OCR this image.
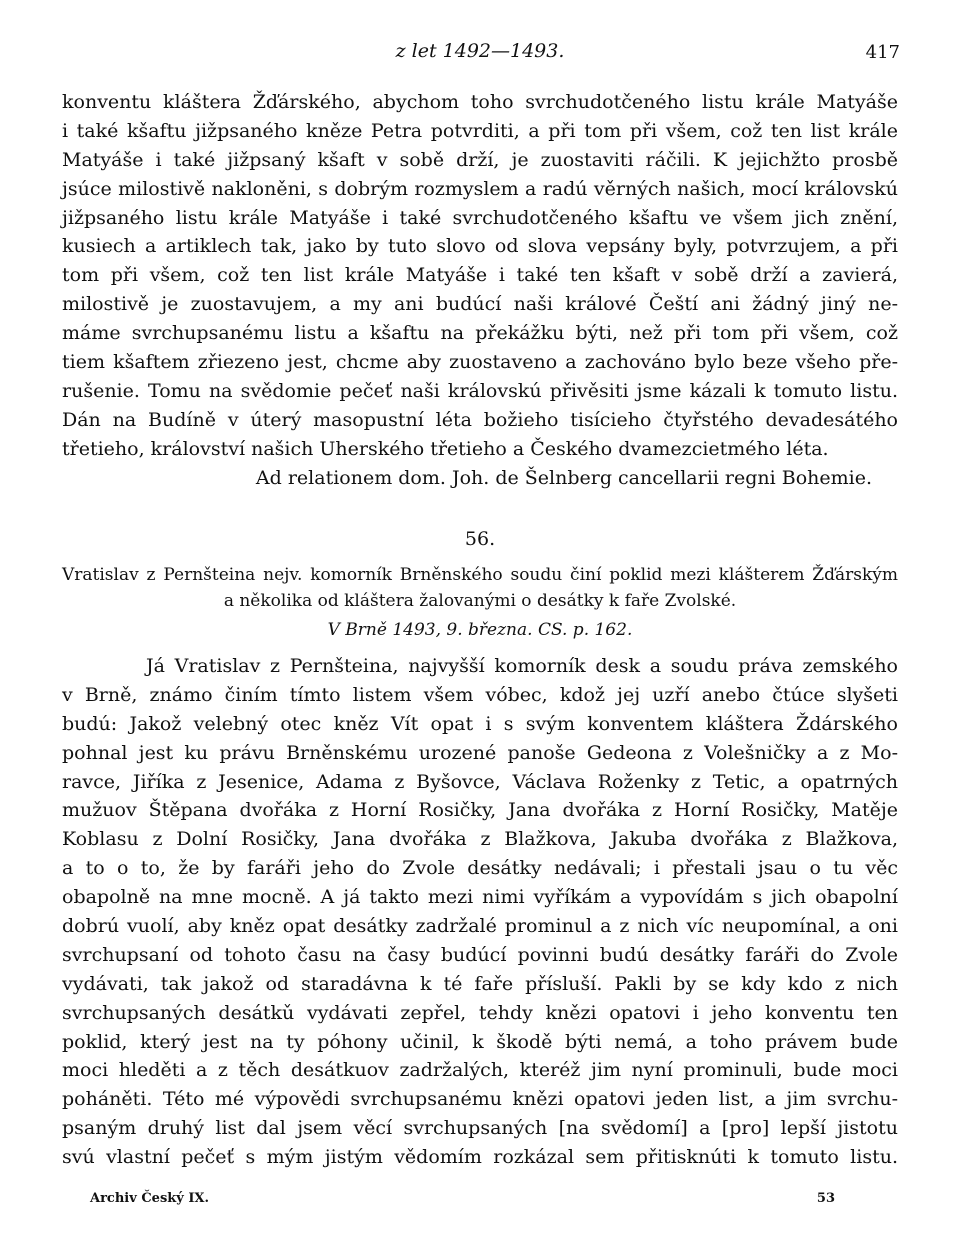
z let 1492—1493.	417
konventu kláštera Žďárského, abychom toho svrchudotčeného listu krále Matyáše
i také kšaftu jižpsaného kněze Petra potvrditi, a při tom při všem, což ten list krále
Matyáše i také jižpsaný kšaft v sobě drží, je zuostaviti ráčili. K jejichžto prosbě
jsúce milostivě nakloněni, s dobrým rozmyslem a radú věrných našich, mocí královskú
jižpsaného listu krále Matyáše i také svrchudotčeného kšaftu ve všem jich znění,
kusiech a artiklech tak, jako by tuto slovo od slova vepsány byly, potvrzujem, a při
tom při všem, což ten list krále Matyáše i také ten kšaft v sobě drží a zavierá,
milostivě je zuostavujem, a my ani budúcí naši králové Čeští ani žádný jiný ne-
máme svrchupsanému listu a kšaftu na překážku býti, než při tom při všem, což
tiem kšaftem zřiezeno jest, chcme aby zuostaveno a zachováno bylo beze všeho pře-
rušenie. Tomu na svědomie pečeť naši královskú přivěsiti jsme kázali k tomuto listu.
Dán na Budíně v úterý masopustní léta božieho tisícieho čtyřstého devadesátého
třetieho, království našich Uherského třetieho a Českého dvamezcietmého léta.
Ad relationem dom. Joh. de Šelnberg cancellarii regni Bohemie.
56.
Vratislav z Pernšteina nejv. komorník Brněnského soudu činí poklid mezi klášterem Žďárským
a několika od kláštera žalovanými o desátky k faře Zvolské.
V Brně 1493, 9. března. CS. p. 162.
Já Vratislav z Pernšteina, najvyšší komorník desk a soudu práva zemského
v Brně, známo činím tímto listem všem vóbec, kdož jej uzří anebo čtúce slyšeti
budú: Jakož velebný otec kněz Vít opat i s svým konventem kláštera Ždárského
pohnal jest ku právu Brněnskému urozené panoše Gedeona z Volešničky a z Mo-
ravce, Jiříka z Jesenice, Adama z Byšovce, Václava Roženky z Tetic, a opatrných
mužuov Štěpana dvořáka z Horní Rosičky, Jana dvořáka z Horní Rosičky, Matěje
Koblasu z Dolní Rosičky, Jana dvořáka z Blažkova, Jakuba dvořáka z Blažkova,
a to o to, že by faráři jeho do Zvole desátky nedávali; i přestali jsau o tu věc
obapolně na mne mocně. A já takto mezi nimi vyříkám a vypovídám s jich obapolní
dobrú vuolí, aby kněz opat desátky zadržalé prominul a z nich víc neupomínal, a oni
svrchupsaní od tohoto času na časy budúcí povinni budú desátky faráři do Zvole
vydávati, tak jakož od staradávna k té faře přísluší. Pakli by se kdy kdo z nich
svrchupsaných desátkǔ vydávati zepřel, tehdy knězi opatovi i jeho konventu ten
poklid, který jest na ty póhony učinil, k škodě býti nemá, a toho právem bude
moci hleděti a z těch desátkuov zadržalých, kteréž jim nyní prominuli, bude moci
poháněti. Této mé výpovědi svrchupsanému knězi opatovi jeden list, a jim svrchu-
psaným druhý list dal jsem věcí svrchupsaných [na svědomí] a [pro] lepší jistotu
svú vlastní pečeť s mým jistým vědomím rozkázal sem přitisknúti k tomuto listu.
Archiv Český IX.	53
